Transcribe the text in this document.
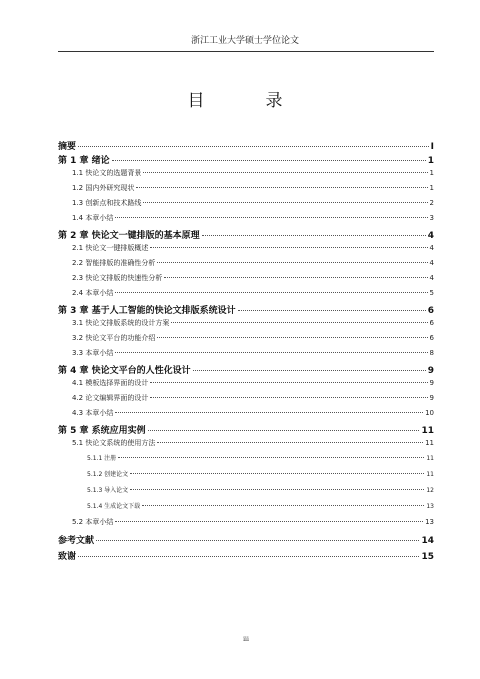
浙江工业大学硕士学位论文
目　录
摘要	I
第 1 章 绪论	1
1.1 快论文的选题背景	1
1.2 国内外研究现状	1
1.3 创新点和技术路线	2
1.4 本章小结	3
第 2 章 快论文一键排版的基本原理	4
2.1 快论文一键排版概述	4
2.2 智能排版的准确性分析	4
2.3 快论文排版的快速性分析	4
2.4 本章小结	5
第 3 章 基于人工智能的快论文排版系统设计	6
3.1 快论文排版系统的设计方案	6
3.2 快论文平台的功能介绍	6
3.3 本章小结	8
第 4 章 快论文平台的人性化设计	9
4.1 模板选择界面的设计	9
4.2 论文编辑界面的设计	9
4.3 本章小结	10
第 5 章 系统应用实例	11
5.1 快论文系统的使用方法	11
5.1.1 注册	11
5.1.2 创建论文	11
5.1.3 导入论文	12
5.1.4 生成论文下载	13
5.2 本章小结	13
参考文献	14
致谢	15
iii
